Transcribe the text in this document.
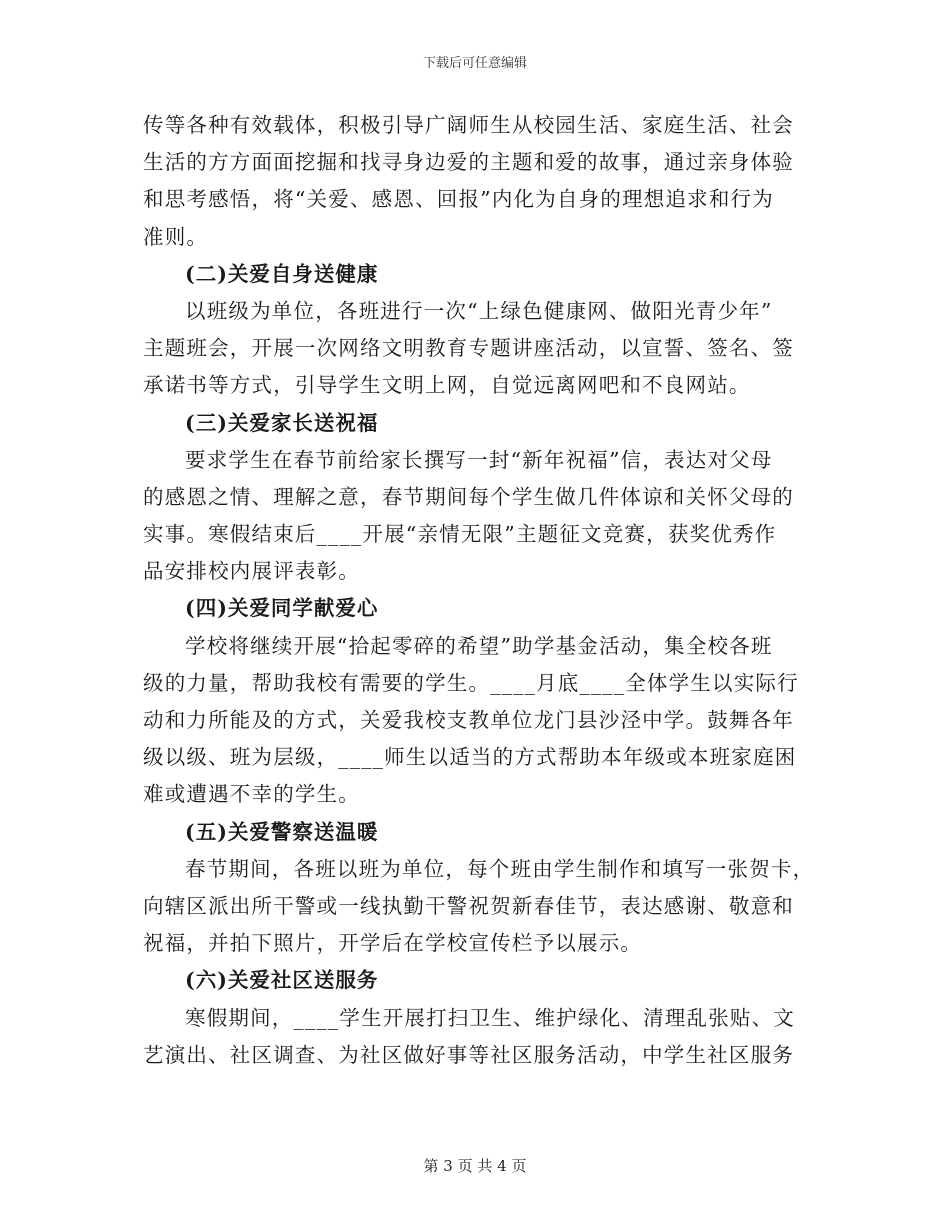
下载后可任意编辑
传等各种有效载体，积极引导广阔师生从校园生活、家庭生活、社会
生活的方方面面挖掘和找寻身边爱的主题和爱的故事，通过亲身体验
和思考感悟，将“关爱、感恩、回报”内化为自身的理想追求和行为
准则。
(二)关爱自身送健康
以班级为单位，各班进行一次“上绿色健康网、做阳光青少年”
主题班会，开展一次网络文明教育专题讲座活动，以宣誓、签名、签
承诺书等方式，引导学生文明上网，自觉远离网吧和不良网站。
(三)关爱家长送祝福
要求学生在春节前给家长撰写一封“新年祝福”信，表达对父母
的感恩之情、理解之意，春节期间每个学生做几件体谅和关怀父母的
实事。寒假结束后____开展“亲情无限”主题征文竞赛，获奖优秀作
品安排校内展评表彰。
(四)关爱同学献爱心
学校将继续开展“拾起零碎的希望”助学基金活动，集全校各班
级的力量，帮助我校有需要的学生。____月底____全体学生以实际行
动和力所能及的方式，关爱我校支教单位龙门县沙泾中学。鼓舞各年
级以级、班为层级，____师生以适当的方式帮助本年级或本班家庭困
难或遭遇不幸的学生。
(五)关爱警察送温暖
春节期间，各班以班为单位，每个班由学生制作和填写一张贺卡，
向辖区派出所干警或一线执勤干警祝贺新春佳节，表达感谢、敬意和
祝福，并拍下照片，开学后在学校宣传栏予以展示。
(六)关爱社区送服务
寒假期间，____学生开展打扫卫生、维护绿化、清理乱张贴、文
艺演出、社区调查、为社区做好事等社区服务活动，中学生社区服务
第 3 页 共 4 页
